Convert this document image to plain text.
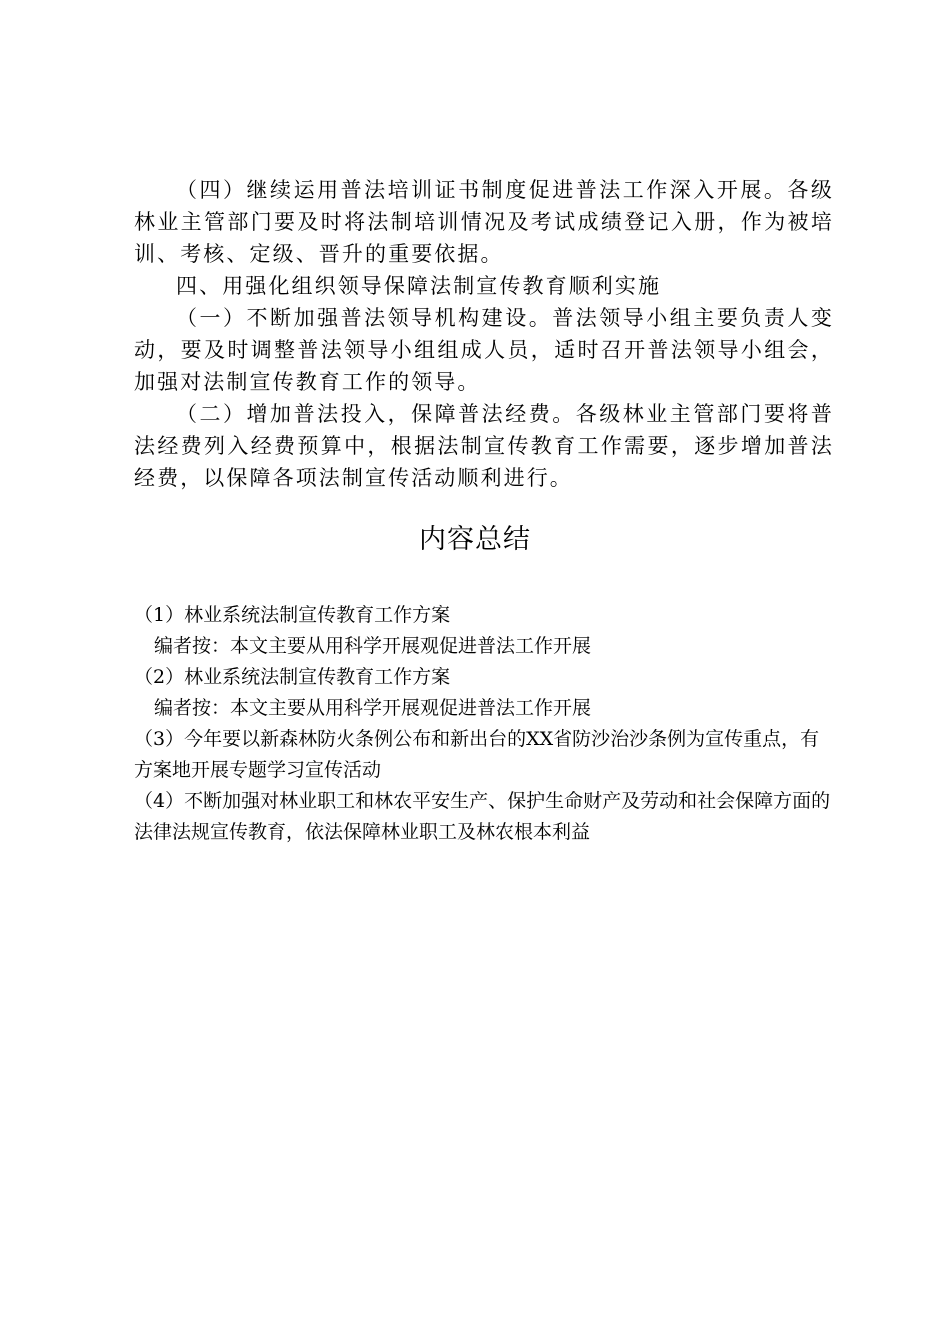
（四）继续运用普法培训证书制度促进普法工作深入开展。各级林业主管部门要及时将法制培训情况及考试成绩登记入册，作为被培训、考核、定级、晋升的重要依据。

四、用强化组织领导保障法制宣传教育顺利实施

（一）不断加强普法领导机构建设。普法领导小组主要负责人变动，要及时调整普法领导小组组成人员，适时召开普法领导小组会，加强对法制宣传教育工作的领导。

（二）增加普法投入，保障普法经费。各级林业主管部门要将普法经费列入经费预算中，根据法制宣传教育工作需要，逐步增加普法经费，以保障各项法制宣传活动顺利进行。

内容总结

（1）林业系统法制宣传教育工作方案

编者按：本文主要从用科学开展观促进普法工作开展

（2）林业系统法制宣传教育工作方案

编者按：本文主要从用科学开展观促进普法工作开展

（3）今年要以新森林防火条例公布和新出台的XX省防沙治沙条例为宣传重点，有方案地开展专题学习宣传活动

（4）不断加强对林业职工和林农平安生产、保护生命财产及劳动和社会保障方面的法律法规宣传教育，依法保障林业职工及林农根本利益
